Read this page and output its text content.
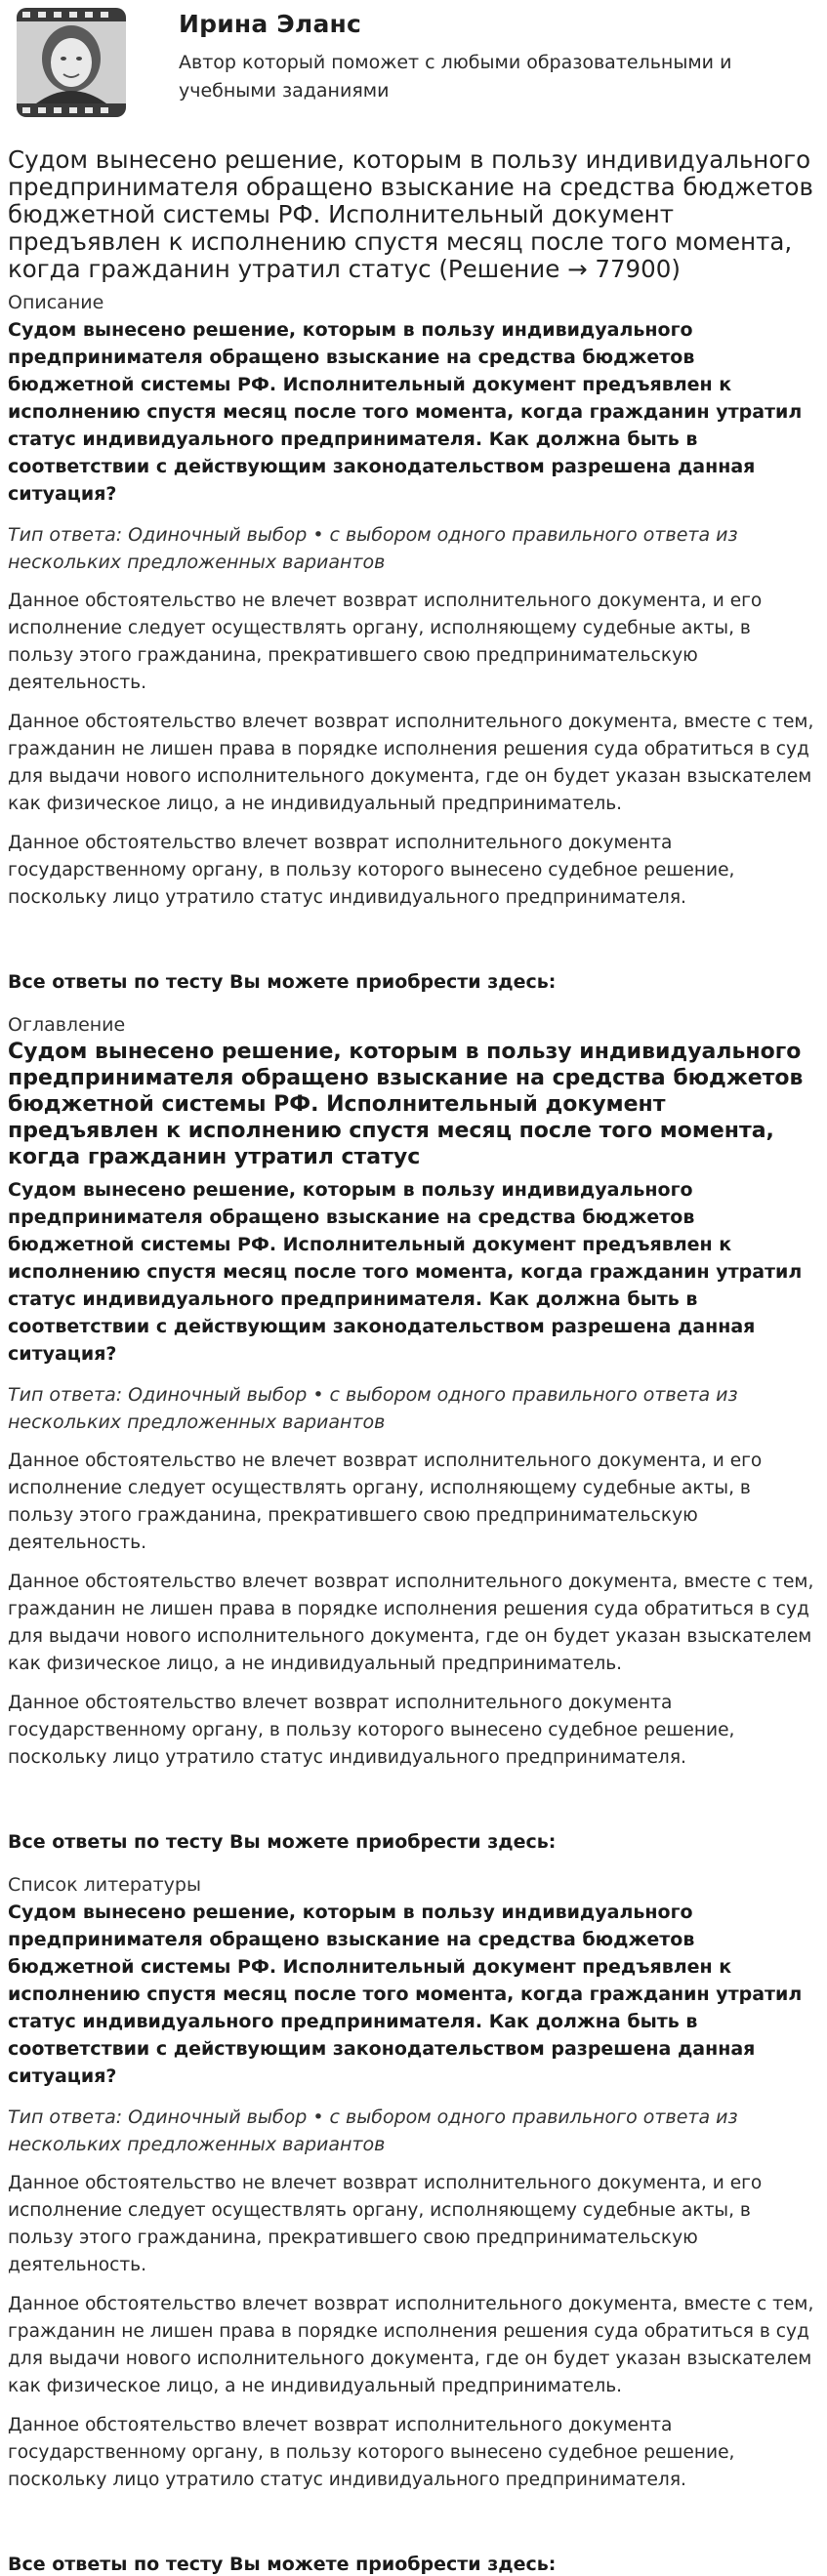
Ирина Эланс
Автор который поможет с любыми образовательными и учебными заданиями
Судом вынесено решение, которым в пользу индивидуального предпринимателя обращено взыскание на средства бюджетов бюджетной системы РФ. Исполнительный документ предъявлен к исполнению спустя месяц после того момента, когда гражданин утратил статус (Решение → 77900)
Описание
Судом вынесено решение, которым в пользу индивидуального предпринимателя обращено взыскание на средства бюджетов бюджетной системы РФ. Исполнительный документ предъявлен к исполнению спустя месяц после того момента, когда гражданин утратил статус индивидуального предпринимателя. Как должна быть в соответствии с действующим законодательством разрешена данная ситуация?
Тип ответа: Одиночный выбор • с выбором одного правильного ответа из нескольких предложенных вариантов
Данное обстоятельство не влечет возврат исполнительного документа, и его исполнение следует осуществлять органу, исполняющему судебные акты, в пользу этого гражданина, прекратившего свою предпринимательскую деятельность.
Данное обстоятельство влечет возврат исполнительного документа, вместе с тем, гражданин не лишен права в порядке исполнения решения суда обратиться в суд для выдачи нового исполнительного документа, где он будет указан взыскателем как физическое лицо, а не индивидуальный предприниматель.
Данное обстоятельство влечет возврат исполнительного документа государственному органу, в пользу которого вынесено судебное решение, поскольку лицо утратило статус индивидуального предпринимателя.
Все ответы по тесту Вы можете приобрести здесь:
Оглавление
Судом вынесено решение, которым в пользу индивидуального предпринимателя обращено взыскание на средства бюджетов бюджетной системы РФ. Исполнительный документ предъявлен к исполнению спустя месяц после того момента, когда гражданин утратил статус
Судом вынесено решение, которым в пользу индивидуального предпринимателя обращено взыскание на средства бюджетов бюджетной системы РФ. Исполнительный документ предъявлен к исполнению спустя месяц после того момента, когда гражданин утратил статус индивидуального предпринимателя. Как должна быть в соответствии с действующим законодательством разрешена данная ситуация?
Тип ответа: Одиночный выбор • с выбором одного правильного ответа из нескольких предложенных вариантов
Данное обстоятельство не влечет возврат исполнительного документа, и его исполнение следует осуществлять органу, исполняющему судебные акты, в пользу этого гражданина, прекратившего свою предпринимательскую деятельность.
Данное обстоятельство влечет возврат исполнительного документа, вместе с тем, гражданин не лишен права в порядке исполнения решения суда обратиться в суд для выдачи нового исполнительного документа, где он будет указан взыскателем как физическое лицо, а не индивидуальный предприниматель.
Данное обстоятельство влечет возврат исполнительного документа государственному органу, в пользу которого вынесено судебное решение, поскольку лицо утратило статус индивидуального предпринимателя.
Все ответы по тесту Вы можете приобрести здесь:
Список литературы
Судом вынесено решение, которым в пользу индивидуального предпринимателя обращено взыскание на средства бюджетов бюджетной системы РФ. Исполнительный документ предъявлен к исполнению спустя месяц после того момента, когда гражданин утратил статус индивидуального предпринимателя. Как должна быть в соответствии с действующим законодательством разрешена данная ситуация?
Тип ответа: Одиночный выбор • с выбором одного правильного ответа из нескольких предложенных вариантов
Данное обстоятельство не влечет возврат исполнительного документа, и его исполнение следует осуществлять органу, исполняющему судебные акты, в пользу этого гражданина, прекратившего свою предпринимательскую деятельность.
Данное обстоятельство влечет возврат исполнительного документа, вместе с тем, гражданин не лишен права в порядке исполнения решения суда обратиться в суд для выдачи нового исполнительного документа, где он будет указан взыскателем как физическое лицо, а не индивидуальный предприниматель.
Данное обстоятельство влечет возврат исполнительного документа государственному органу, в пользу которого вынесено судебное решение, поскольку лицо утратило статус индивидуального предпринимателя.
Все ответы по тесту Вы можете приобрести здесь:
